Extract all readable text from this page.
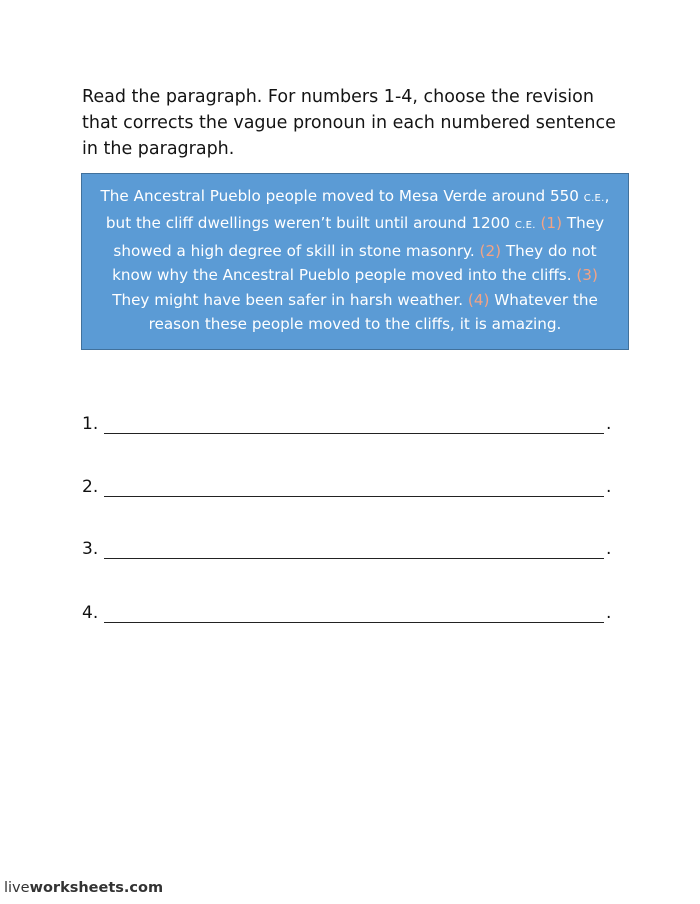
Read the paragraph. For numbers 1-4, choose the revision that corrects the vague pronoun in each numbered sentence in the paragraph.
The Ancestral Pueblo people moved to Mesa Verde around 550 C.E., but the cliff dwellings weren’t built until around 1200 C.E. (1) They showed a high degree of skill in stone masonry. (2) They do not know why the Ancestral Pueblo people moved into the cliffs. (3) They might have been safer in harsh weather. (4) Whatever the reason these people moved to the cliffs, it is amazing.
1.	.
2.	.
3.	.
4.	.
liveworksheets.com
